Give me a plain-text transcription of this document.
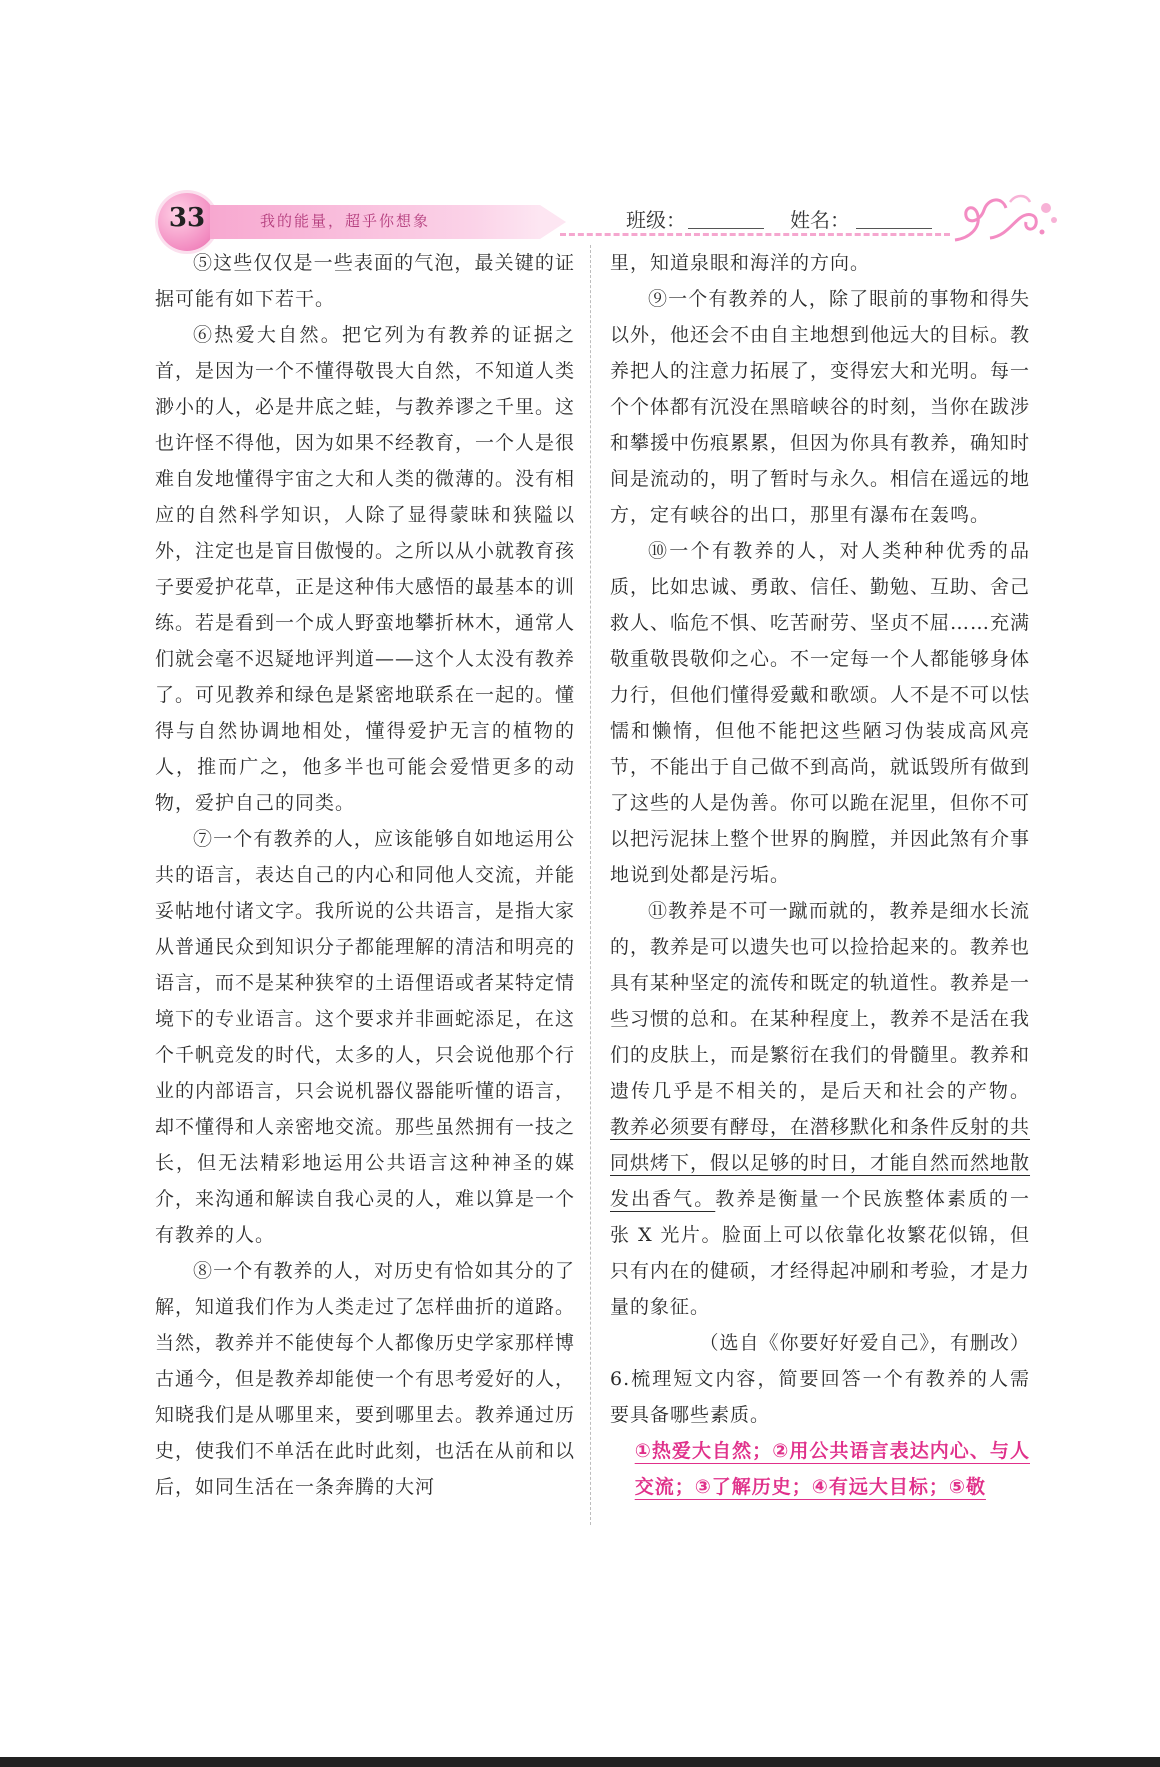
33	我的能量，超乎你想象	班级：	姓名：

⑤这些仅仅是一些表面的气泡，最关键的证据可能有如下若干。

⑥热爱大自然。把它列为有教养的证据之首，是因为一个不懂得敬畏大自然，不知道人类渺小的人，必是井底之蛙，与教养谬之千里。这也许怪不得他，因为如果不经教育，一个人是很难自发地懂得宇宙之大和人类的微薄的。没有相应的自然科学知识，人除了显得蒙昧和狭隘以外，注定也是盲目傲慢的。之所以从小就教育孩子要爱护花草，正是这种伟大感悟的最基本的训练。若是看到一个成人野蛮地攀折林木，通常人们就会毫不迟疑地评判道——这个人太没有教养了。可见教养和绿色是紧密地联系在一起的。懂得与自然协调地相处，懂得爱护无言的植物的人，推而广之，他多半也可能会爱惜更多的动物，爱护自己的同类。

⑦一个有教养的人，应该能够自如地运用公共的语言，表达自己的内心和同他人交流，并能妥帖地付诸文字。我所说的公共语言，是指大家从普通民众到知识分子都能理解的清洁和明亮的语言，而不是某种狭窄的土语俚语或者某特定情境下的专业语言。这个要求并非画蛇添足，在这个千帆竞发的时代，太多的人，只会说他那个行业的内部语言，只会说机器仪器能听懂的语言，却不懂得和人亲密地交流。那些虽然拥有一技之长，但无法精彩地运用公共语言这种神圣的媒介，来沟通和解读自我心灵的人，难以算是一个有教养的人。

⑧一个有教养的人，对历史有恰如其分的了解，知道我们作为人类走过了怎样曲折的道路。当然，教养并不能使每个人都像历史学家那样博古通今，但是教养却能使一个有思考爱好的人，知晓我们是从哪里来，要到哪里去。教养通过历史，使我们不单活在此时此刻，也活在从前和以后，如同生活在一条奔腾的大河

里，知道泉眼和海洋的方向。

⑨一个有教养的人，除了眼前的事物和得失以外，他还会不由自主地想到他远大的目标。教养把人的注意力拓展了，变得宏大和光明。每一个个体都有沉没在黑暗峡谷的时刻，当你在跋涉和攀援中伤痕累累，但因为你具有教养，确知时间是流动的，明了暂时与永久。相信在遥远的地方，定有峡谷的出口，那里有瀑布在轰鸣。

⑩一个有教养的人，对人类种种优秀的品质，比如忠诚、勇敢、信任、勤勉、互助、舍己救人、临危不惧、吃苦耐劳、坚贞不屈……充满敬重敬畏敬仰之心。不一定每一个人都能够身体力行，但他们懂得爱戴和歌颂。人不是不可以怯懦和懒惰，但他不能把这些陋习伪装成高风亮节，不能出于自己做不到高尚，就诋毁所有做到了这些的人是伪善。你可以跪在泥里，但你不可以把污泥抹上整个世界的胸膛，并因此煞有介事地说到处都是污垢。

⑪教养是不可一蹴而就的，教养是细水长流的，教养是可以遗失也可以捡拾起来的。教养也具有某种坚定的流传和既定的轨道性。教养是一些习惯的总和。在某种程度上，教养不是活在我们的皮肤上，而是繁衍在我们的骨髓里。教养和遗传几乎是不相关的，是后天和社会的产物。教养必须要有酵母，在潜移默化和条件反射的共同烘烤下，假以足够的时日，才能自然而然地散发出香气。教养是衡量一个民族整体素质的一张 X 光片。脸面上可以依靠化妆繁花似锦，但只有内在的健硕，才经得起冲刷和考验，才是力量的象征。

（选自《你要好好爱自己》，有删改）

6.梳理短文内容，简要回答一个有教养的人需要具备哪些素质。

①热爱大自然；②用公共语言表达内心、与人交流；③了解历史；④有远大目标；⑤敬
